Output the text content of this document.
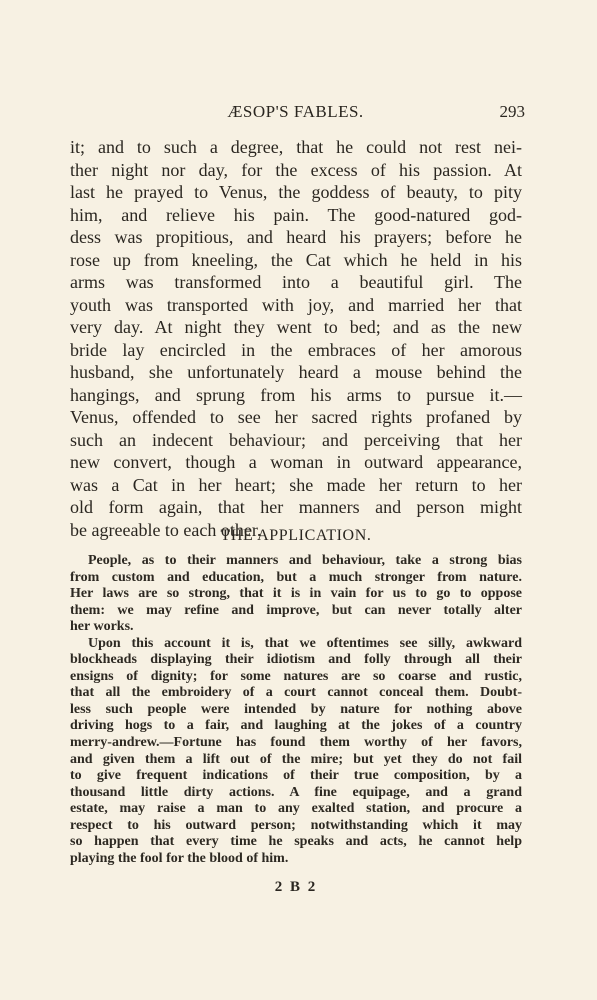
ÆSOP'S FABLES.	293
it; and to such a degree, that he could not rest nei-
ther night nor day, for the excess of his passion. At
last he prayed to Venus, the goddess of beauty, to pity
him, and relieve his pain. The good-natured god-
dess was propitious, and heard his prayers; before he
rose up from kneeling, the Cat which he held in his
arms was transformed into a beautiful girl. The
youth was transported with joy, and married her that
very day. At night they went to bed; and as the new
bride lay encircled in the embraces of her amorous
husband, she unfortunately heard a mouse behind the
hangings, and sprung from his arms to pursue it.—
Venus, offended to see her sacred rights profaned by
such an indecent behaviour; and perceiving that her
new convert, though a woman in outward appearance,
was a Cat in her heart; she made her return to her
old form again, that her manners and person might
be agreeable to each other.
THE APPLICATION.
People, as to their manners and behaviour, take a strong bias
from custom and education, but a much stronger from nature.
Her laws are so strong, that it is in vain for us to go to oppose
them: we may refine and improve, but can never totally alter
her works.
Upon this account it is, that we oftentimes see silly, awkward
blockheads displaying their idiotism and folly through all their
ensigns of dignity; for some natures are so coarse and rustic,
that all the embroidery of a court cannot conceal them. Doubt-
less such people were intended by nature for nothing above
driving hogs to a fair, and laughing at the jokes of a country
merry-andrew.—Fortune has found them worthy of her favors,
and given them a lift out of the mire; but yet they do not fail
to give frequent indications of their true composition, by a
thousand little dirty actions. A fine equipage, and a grand
estate, may raise a man to any exalted station, and procure a
respect to his outward person; notwithstanding which it may
so happen that every time he speaks and acts, he cannot help
playing the fool for the blood of him.
2 B 2
